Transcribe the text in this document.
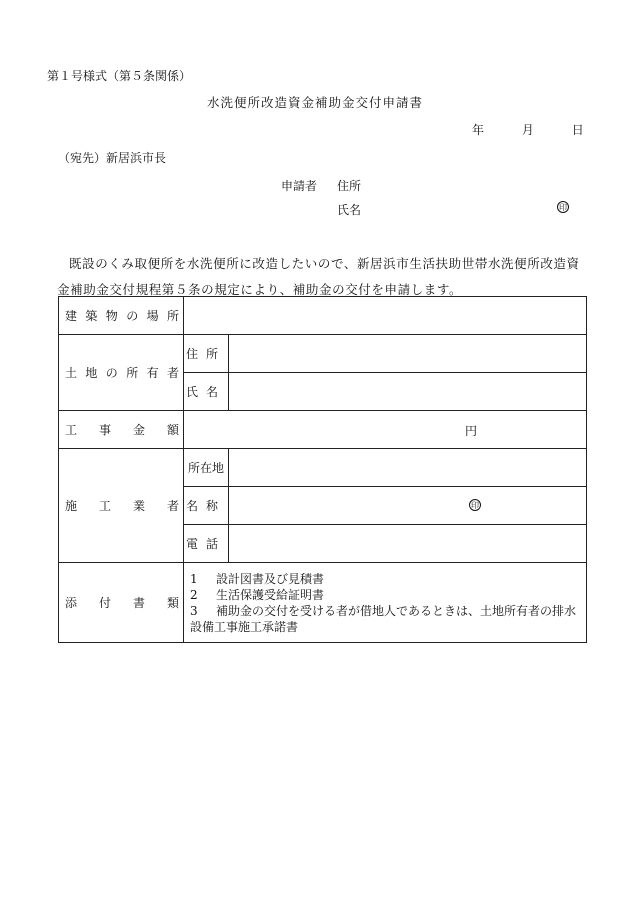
第１号様式（第５条関係）
水洗便所改造資金補助金交付申請書
年	月	日
（宛先）新居浜市長
申請者 住所
氏名	印
既設のくみ取便所を水洗便所に改造したいので、新居浜市生活扶助世帯水洗便所改造資金補助金交付規程第５条の規定により、補助金の交付を申請します。
建築物の場所		
土地の所有者	住所	
	氏名	
工事金額	円	

施工業者	所在地	
	名称	印

	電話	
添付書類	1 設計図書及び見積書
2 生活保護受給証明書
3 補助金の交付を受ける者が借地人であるときは、土地所有者の排水設備工事施工承諾書	
